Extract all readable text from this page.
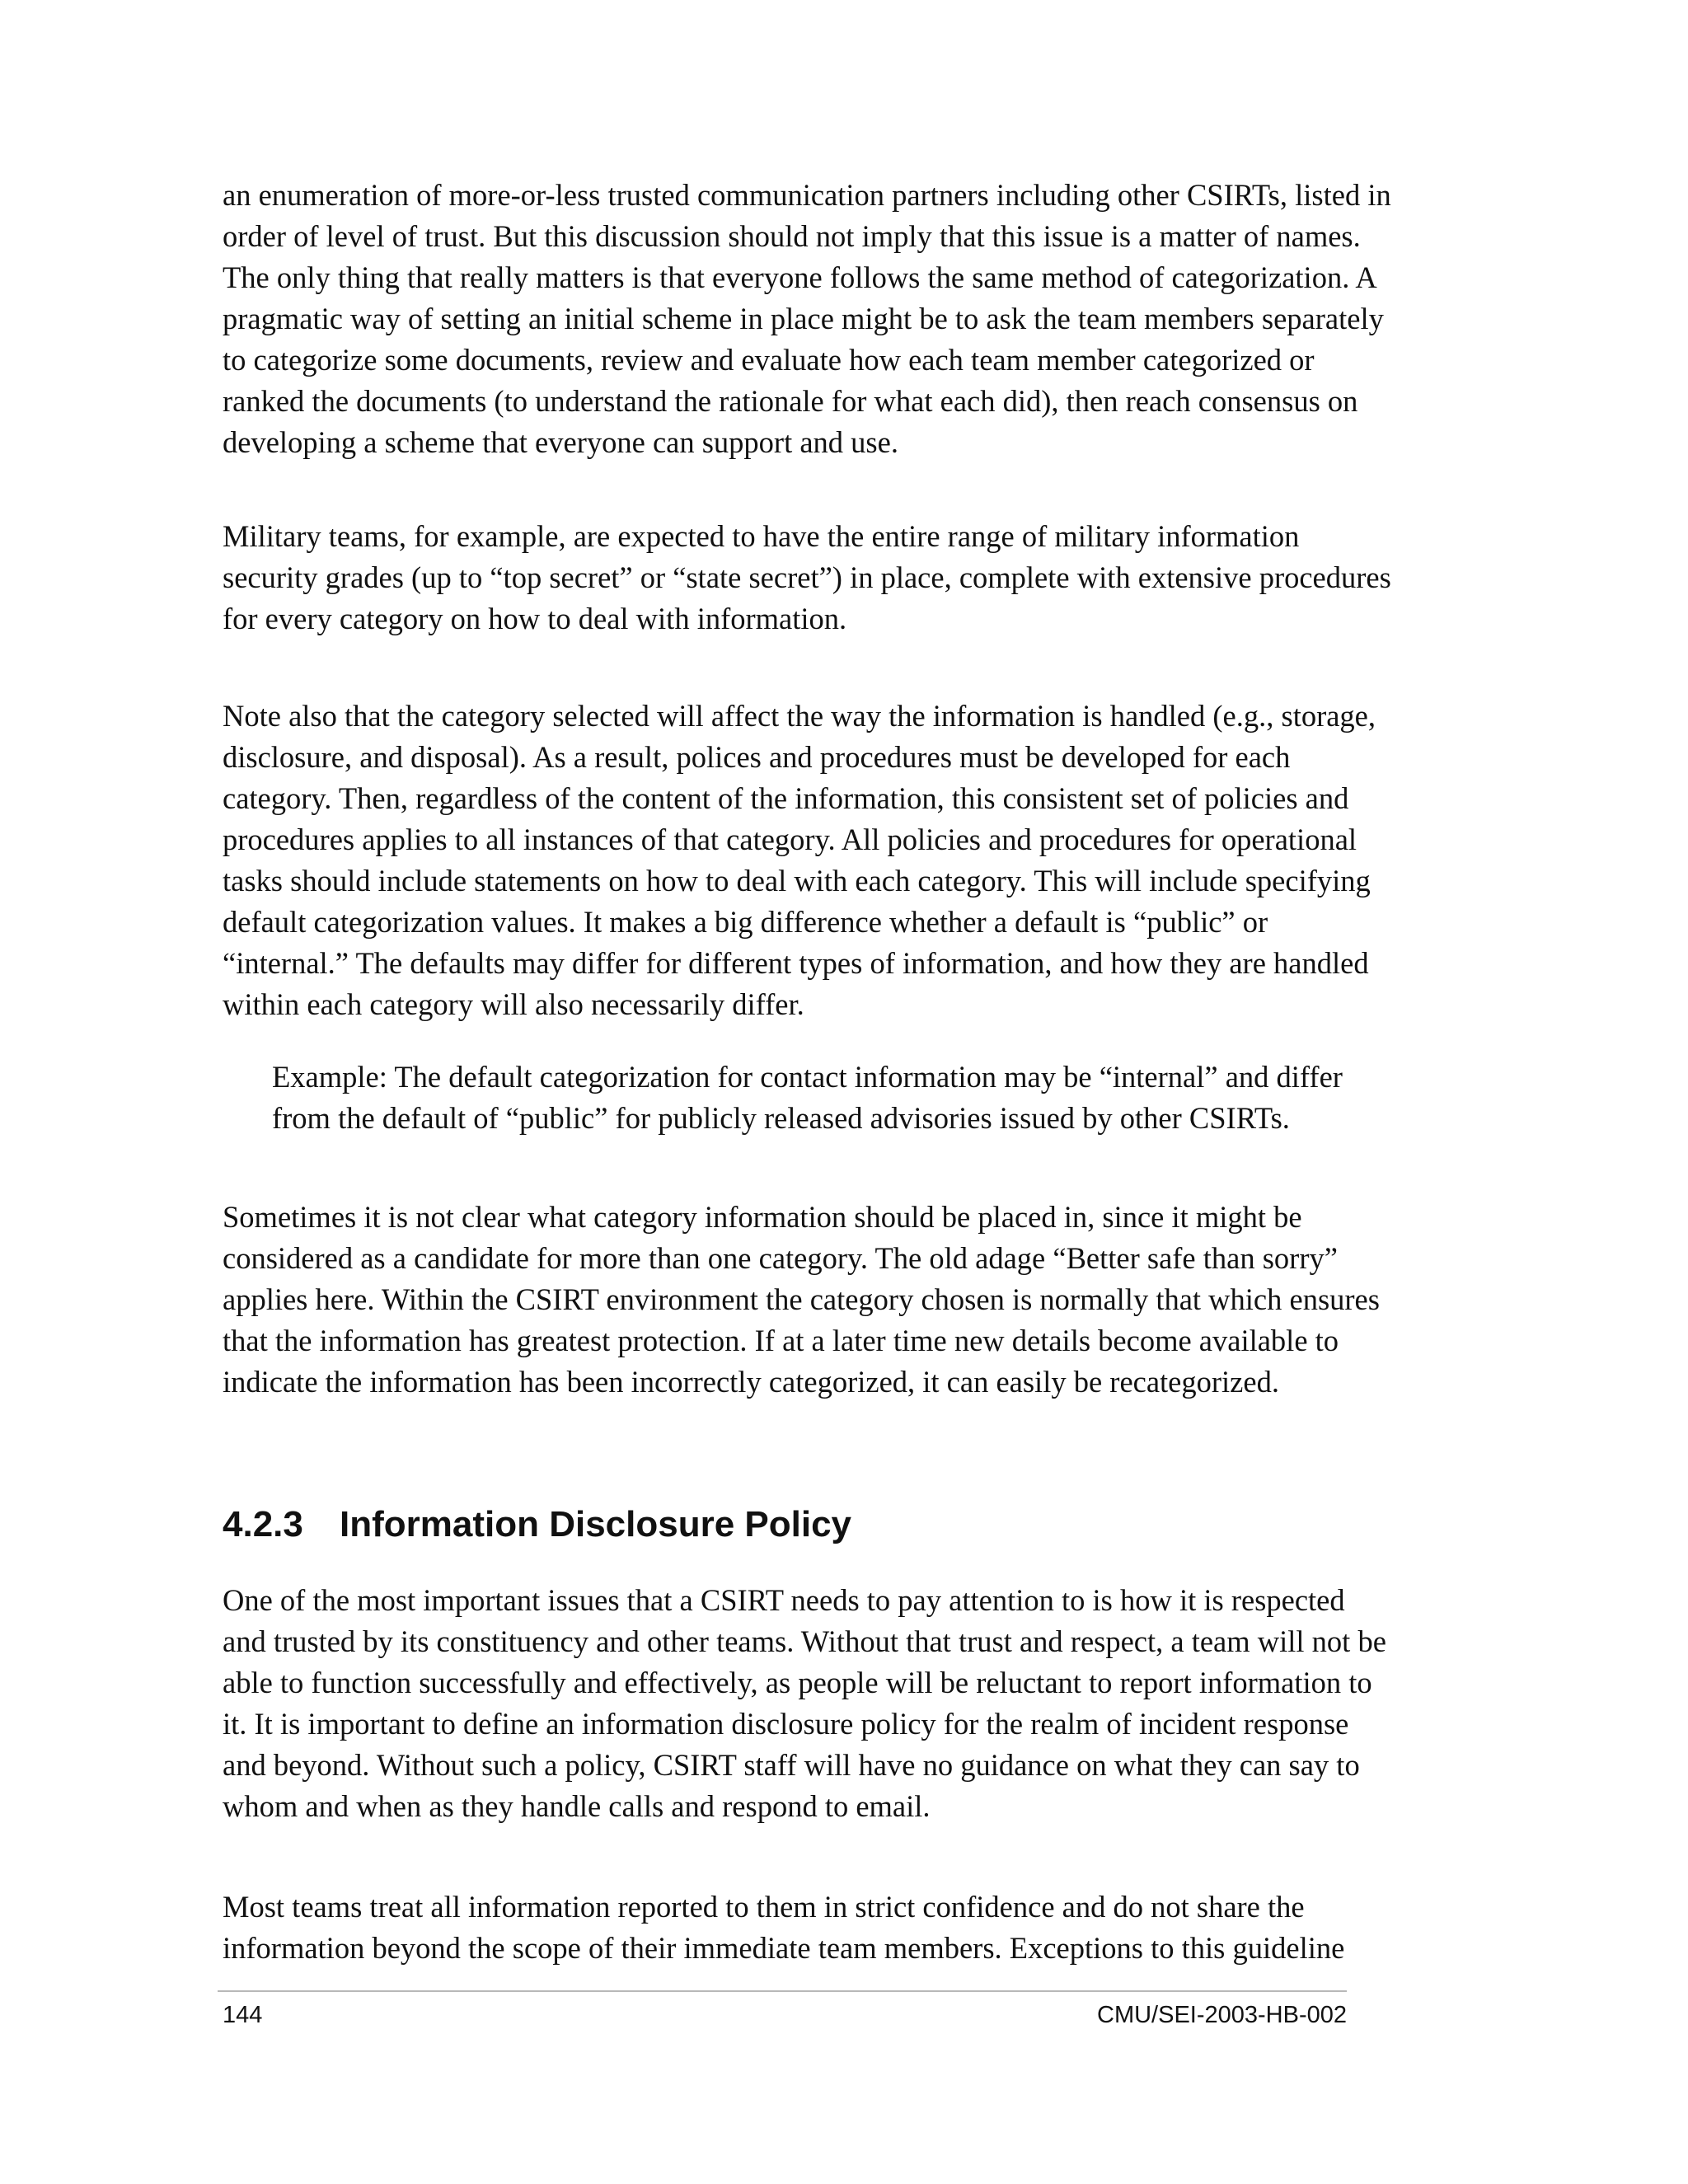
an enumeration of more-or-less trusted communication partners including other CSIRTs, listed in order of level of trust. But this discussion should not imply that this issue is a matter of names. The only thing that really matters is that everyone follows the same method of categorization. A pragmatic way of setting an initial scheme in place might be to ask the team members separately to categorize some documents, review and evaluate how each team member categorized or ranked the documents (to understand the rationale for what each did), then reach consensus on developing a scheme that everyone can support and use.

Military teams, for example, are expected to have the entire range of military information security grades (up to “top secret” or “state secret”) in place, complete with extensive procedures for every category on how to deal with information.

Note also that the category selected will affect the way the information is handled (e.g., storage, disclosure, and disposal). As a result, polices and procedures must be developed for each category. Then, regardless of the content of the information, this consistent set of policies and procedures applies to all instances of that category. All policies and procedures for operational tasks should include statements on how to deal with each category. This will include specifying default categorization values. It makes a big difference whether a default is “public” or “internal.” The defaults may differ for different types of information, and how they are handled within each category will also necessarily differ.

Example: The default categorization for contact information may be “internal” and differ from the default of “public” for publicly released advisories issued by other CSIRTs.

Sometimes it is not clear what category information should be placed in, since it might be considered as a candidate for more than one category. The old adage “Better safe than sorry” applies here. Within the CSIRT environment the category chosen is normally that which ensures that the information has greatest protection. If at a later time new details become available to indicate the information has been incorrectly categorized, it can easily be recategorized.

4.2.3 Information Disclosure Policy

One of the most important issues that a CSIRT needs to pay attention to is how it is respected and trusted by its constituency and other teams. Without that trust and respect, a team will not be able to function successfully and effectively, as people will be reluctant to report information to it. It is important to define an information disclosure policy for the realm of incident response and beyond. Without such a policy, CSIRT staff will have no guidance on what they can say to whom and when as they handle calls and respond to email.

Most teams treat all information reported to them in strict confidence and do not share the information beyond the scope of their immediate team members. Exceptions to this guideline

144	CMU/SEI-2003-HB-002
